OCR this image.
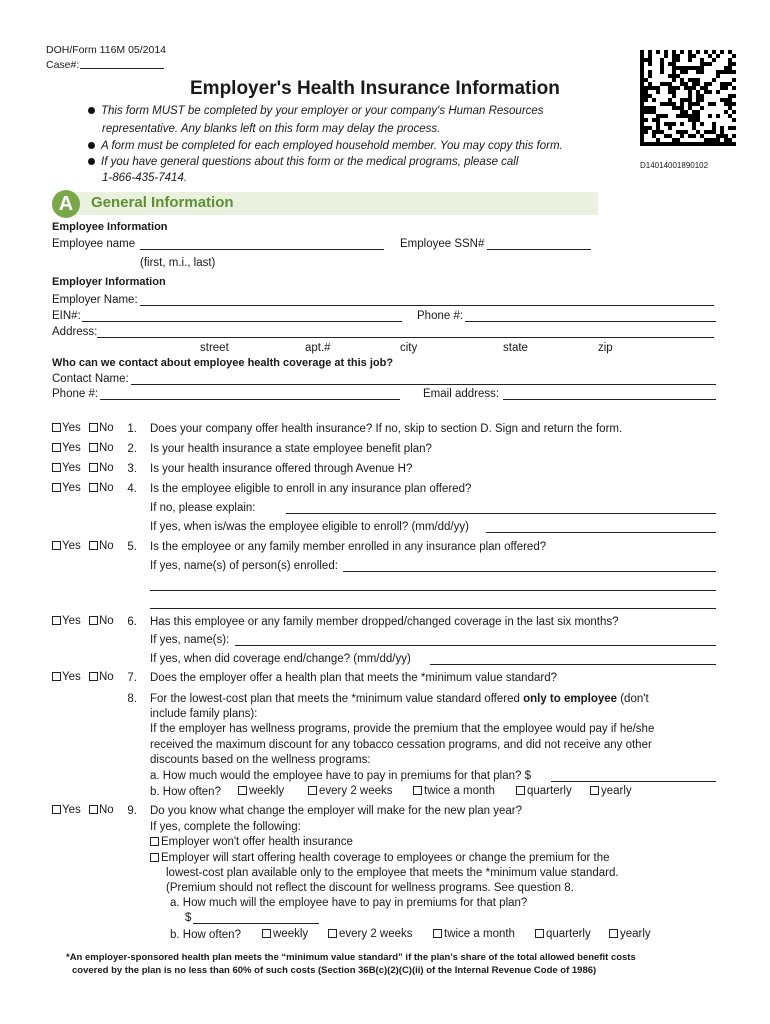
DOH/Form 116M 05/2014
Case#:
Employer's Health Insurance Information
D14014001890102
This form MUST be completed by your employer or your company's Human Resources
representative. Any blanks left on this form may delay the process.
A form must be completed for each employed household member. You may copy this form.
If you have general questions about this form or the medical programs, please call
1-866-435-7414.
A	General Information
Employee Information
Employee name	Employee SSN#
(first, m.i., last)
Employer Information
Employer Name:
EIN#:	Phone #:
Address:
street	apt.#	city	state	zip
Who can we contact about employee health coverage at this job?
Contact Name:
Phone #:	Email address:
Yes	No	1. Does your company offer health insurance? If no, skip to section D. Sign and return the form.
Yes	No	2. Is your health insurance a state employee benefit plan?
Yes	No	3. Is your health insurance offered through Avenue H?
Yes	No	4. Is the employee eligible to enroll in any insurance plan offered?
If no, please explain:
If yes, when is/was the employee eligible to enroll? (mm/dd/yy)
Yes	No	5. Is the employee or any family member enrolled in any insurance plan offered?
If yes, name(s) of person(s) enrolled:
Yes	No	6. Has this employee or any family member dropped/changed coverage in the last six months?
If yes, name(s):
If yes, when did coverage end/change? (mm/dd/yy)
Yes	No	7. Does the employer offer a health plan that meets the *minimum value standard?
8. For the lowest-cost plan that meets the *minimum value standard offered only to employee (don't
include family plans):
If the employer has wellness programs, provide the premium that the employee would pay if he/she
received the maximum discount for any tobacco cessation programs, and did not receive any other
discounts based on the wellness programs:
a. How much would the employee have to pay in premiums for that plan? $
b. How often?	weekly	every 2 weeks	twice a month	quarterly	yearly
Yes	No	9. Do you know what change the employer will make for the new plan year?
If yes, complete the following:
Employer won't offer health insurance
Employer will start offering health coverage to employees or change the premium for the
lowest-cost plan available only to the employee that meets the *minimum value standard.
(Premium should not reflect the discount for wellness programs. See question 8.
a. How much will the employee have to pay in premiums for that plan?
$
b. How often?	weekly	every 2 weeks	twice a month	quarterly	yearly
*An employer-sponsored health plan meets the “minimum value standard” if the plan’s share of the total allowed benefit costs
covered by the plan is no less than 60% of such costs (Section 36B(c)(2)(C)(ii) of the Internal Revenue Code of 1986)
